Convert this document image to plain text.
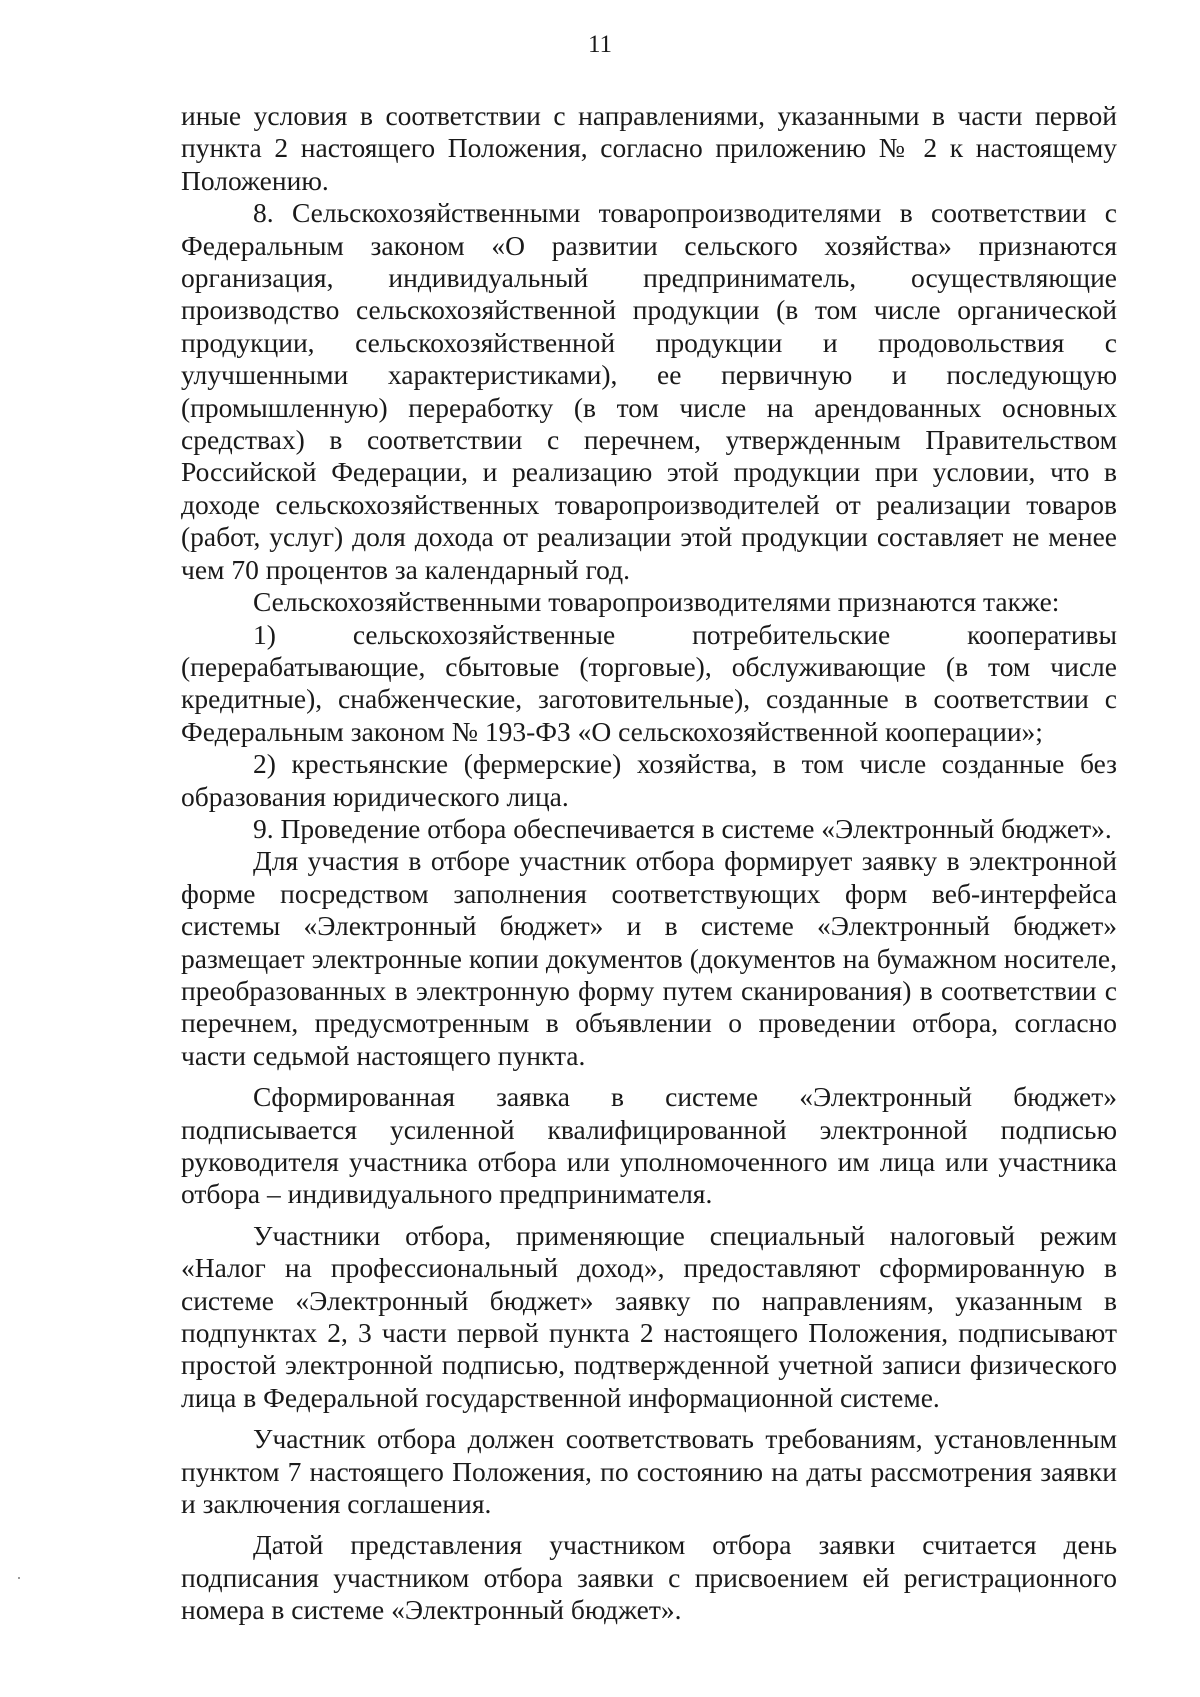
11

иные условия в соответствии с направлениями, указанными в части первой пункта 2 настоящего Положения, согласно приложению № 2 к настоящему Положению.

8. Сельскохозяйственными товаропроизводителями в соответствии с Федеральным законом «О развитии сельского хозяйства» признаются организация, индивидуальный предприниматель, осуществляющие производство сельскохозяйственной продукции (в том числе органической продукции, сельскохозяйственной продукции и продовольствия с улучшенными характеристиками), ее первичную и последующую (промышленную) переработку (в том числе на арендованных основных средствах) в соответствии с перечнем, утвержденным Правительством Российской Федерации, и реализацию этой продукции при условии, что в доходе сельскохозяйственных товаропроизводителей от реализации товаров (работ, услуг) доля дохода от реализации этой продукции составляет не менее чем 70 процентов за календарный год.

Сельскохозяйственными товаропроизводителями признаются также:

1) сельскохозяйственные потребительские кооперативы (перерабатывающие, сбытовые (торговые), обслуживающие (в том числе кредитные), снабженческие, заготовительные), созданные в соответствии с Федеральным законом № 193-ФЗ «О сельскохозяйственной кооперации»;

2) крестьянские (фермерские) хозяйства, в том числе созданные без образования юридического лица.

9. Проведение отбора обеспечивается в системе «Электронный бюджет».

Для участия в отборе участник отбора формирует заявку в электронной форме посредством заполнения соответствующих форм веб-интерфейса системы «Электронный бюджет» и в системе «Электронный бюджет» размещает электронные копии документов (документов на бумажном носителе, преобразованных в электронную форму путем сканирования) в соответствии с перечнем, предусмотренным в объявлении о проведении отбора, согласно части седьмой настоящего пункта.

Сформированная заявка в системе «Электронный бюджет» подписывается усиленной квалифицированной электронной подписью руководителя участника отбора или уполномоченного им лица или участника отбора – индивидуального предпринимателя.

Участники отбора, применяющие специальный налоговый режим «Налог на профессиональный доход», предоставляют сформированную в системе «Электронный бюджет» заявку по направлениям, указанным в подпунктах 2, 3 части первой пункта 2 настоящего Положения, подписывают простой электронной подписью, подтвержденной учетной записи физического лица в Федеральной государственной информационной системе.

Участник отбора должен соответствовать требованиям, установленным пунктом 7 настоящего Положения, по состоянию на даты рассмотрения заявки и заключения соглашения.

Датой представления участником отбора заявки считается день подписания участником отбора заявки с присвоением ей регистрационного номера в системе «Электронный бюджет».
